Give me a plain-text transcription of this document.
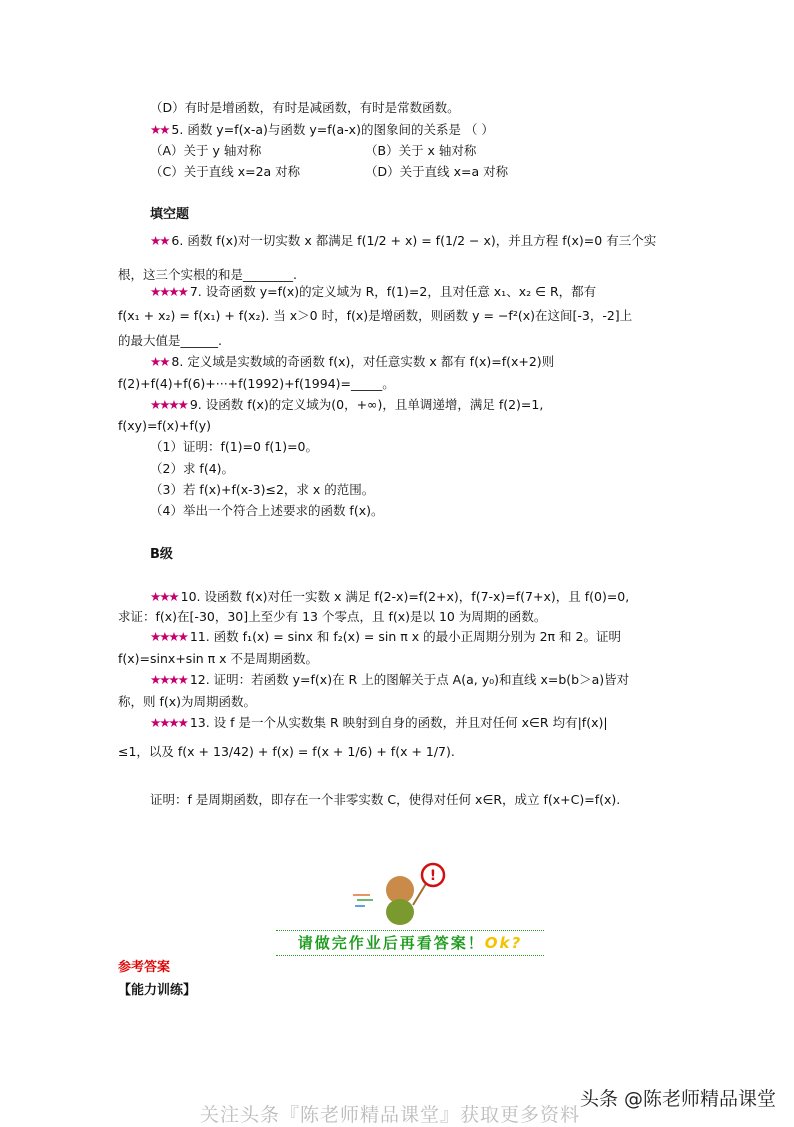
（D）有时是增函数，有时是减函数，有时是常数函数。
★★ 5. 函数 y=f(x-a)与函数 y=f(a-x)的图象间的关系是 （ ）
（A）关于 y 轴对称	（B）关于 x 轴对称
（C）关于直线 x=2a 对称	（D）关于直线 x=a 对称
填空题
★★ 6. 函数 f(x)对一切实数 x 都满足 f(1/2 + x) = f(1/2 − x)，并且方程 f(x)=0 有三个实
根，这三个实根的和是________.
★★★★ 7. 设奇函数 y=f(x)的定义域为 R，f(1)=2，且对任意 x₁、x₂ ∈ R，都有
f(x₁ + x₂) = f(x₁) + f(x₂). 当 x＞0 时，f(x)是增函数，则函数 y = −f²(x)在这间[-3，-2]上
的最大值是______.
★★ 8. 定义域是实数域的奇函数 f(x)，对任意实数 x 都有 f(x)=f(x+2)则
f(2)+f(4)+f(6)+···+f(1992)+f(1994)=_____。
★★★★ 9. 设函数 f(x)的定义域为(0，+∞)，且单调递增，满足 f(2)=1,
f(xy)=f(x)+f(y)
（1）证明：f(1)=0 f(1)=0。
（2）求 f(4)。
（3）若 f(x)+f(x-3)≤2，求 x 的范围。
（4）举出一个符合上述要求的函数 f(x)。
B级
★★★ 10. 设函数 f(x)对任一实数 x 满足 f(2-x)=f(2+x)，f(7-x)=f(7+x)，且 f(0)=0,
求证：f(x)在[-30，30]上至少有 13 个零点，且 f(x)是以 10 为周期的函数。
★★★★ 11. 函数 f₁(x) = sinx 和 f₂(x) = sin π x 的最小正周期分别为 2π 和 2。证明
f(x)=sinx+sin π x 不是周期函数。
★★★★ 12. 证明：若函数 y=f(x)在 R 上的图解关于点 A(a, y₀)和直线 x=b(b＞a)皆对
称，则 f(x)为周期函数。
★★★★ 13. 设 f 是一个从实数集 R 映射到自身的函数，并且对任何 x∈R 均有|f(x)|
≤1，以及 f(x + 13/42) + f(x) = f(x + 1/6) + f(x + 1/7).
证明：f 是周期函数，即存在一个非零实数 C，使得对任何 x∈R，成立 f(x+C)=f(x).
!
请做完作业后再看答案！Ok?
参考答案
【能力训练】
头条 @陈老师精品课堂
关注头条『陈老师精品课堂』获取更多资料
